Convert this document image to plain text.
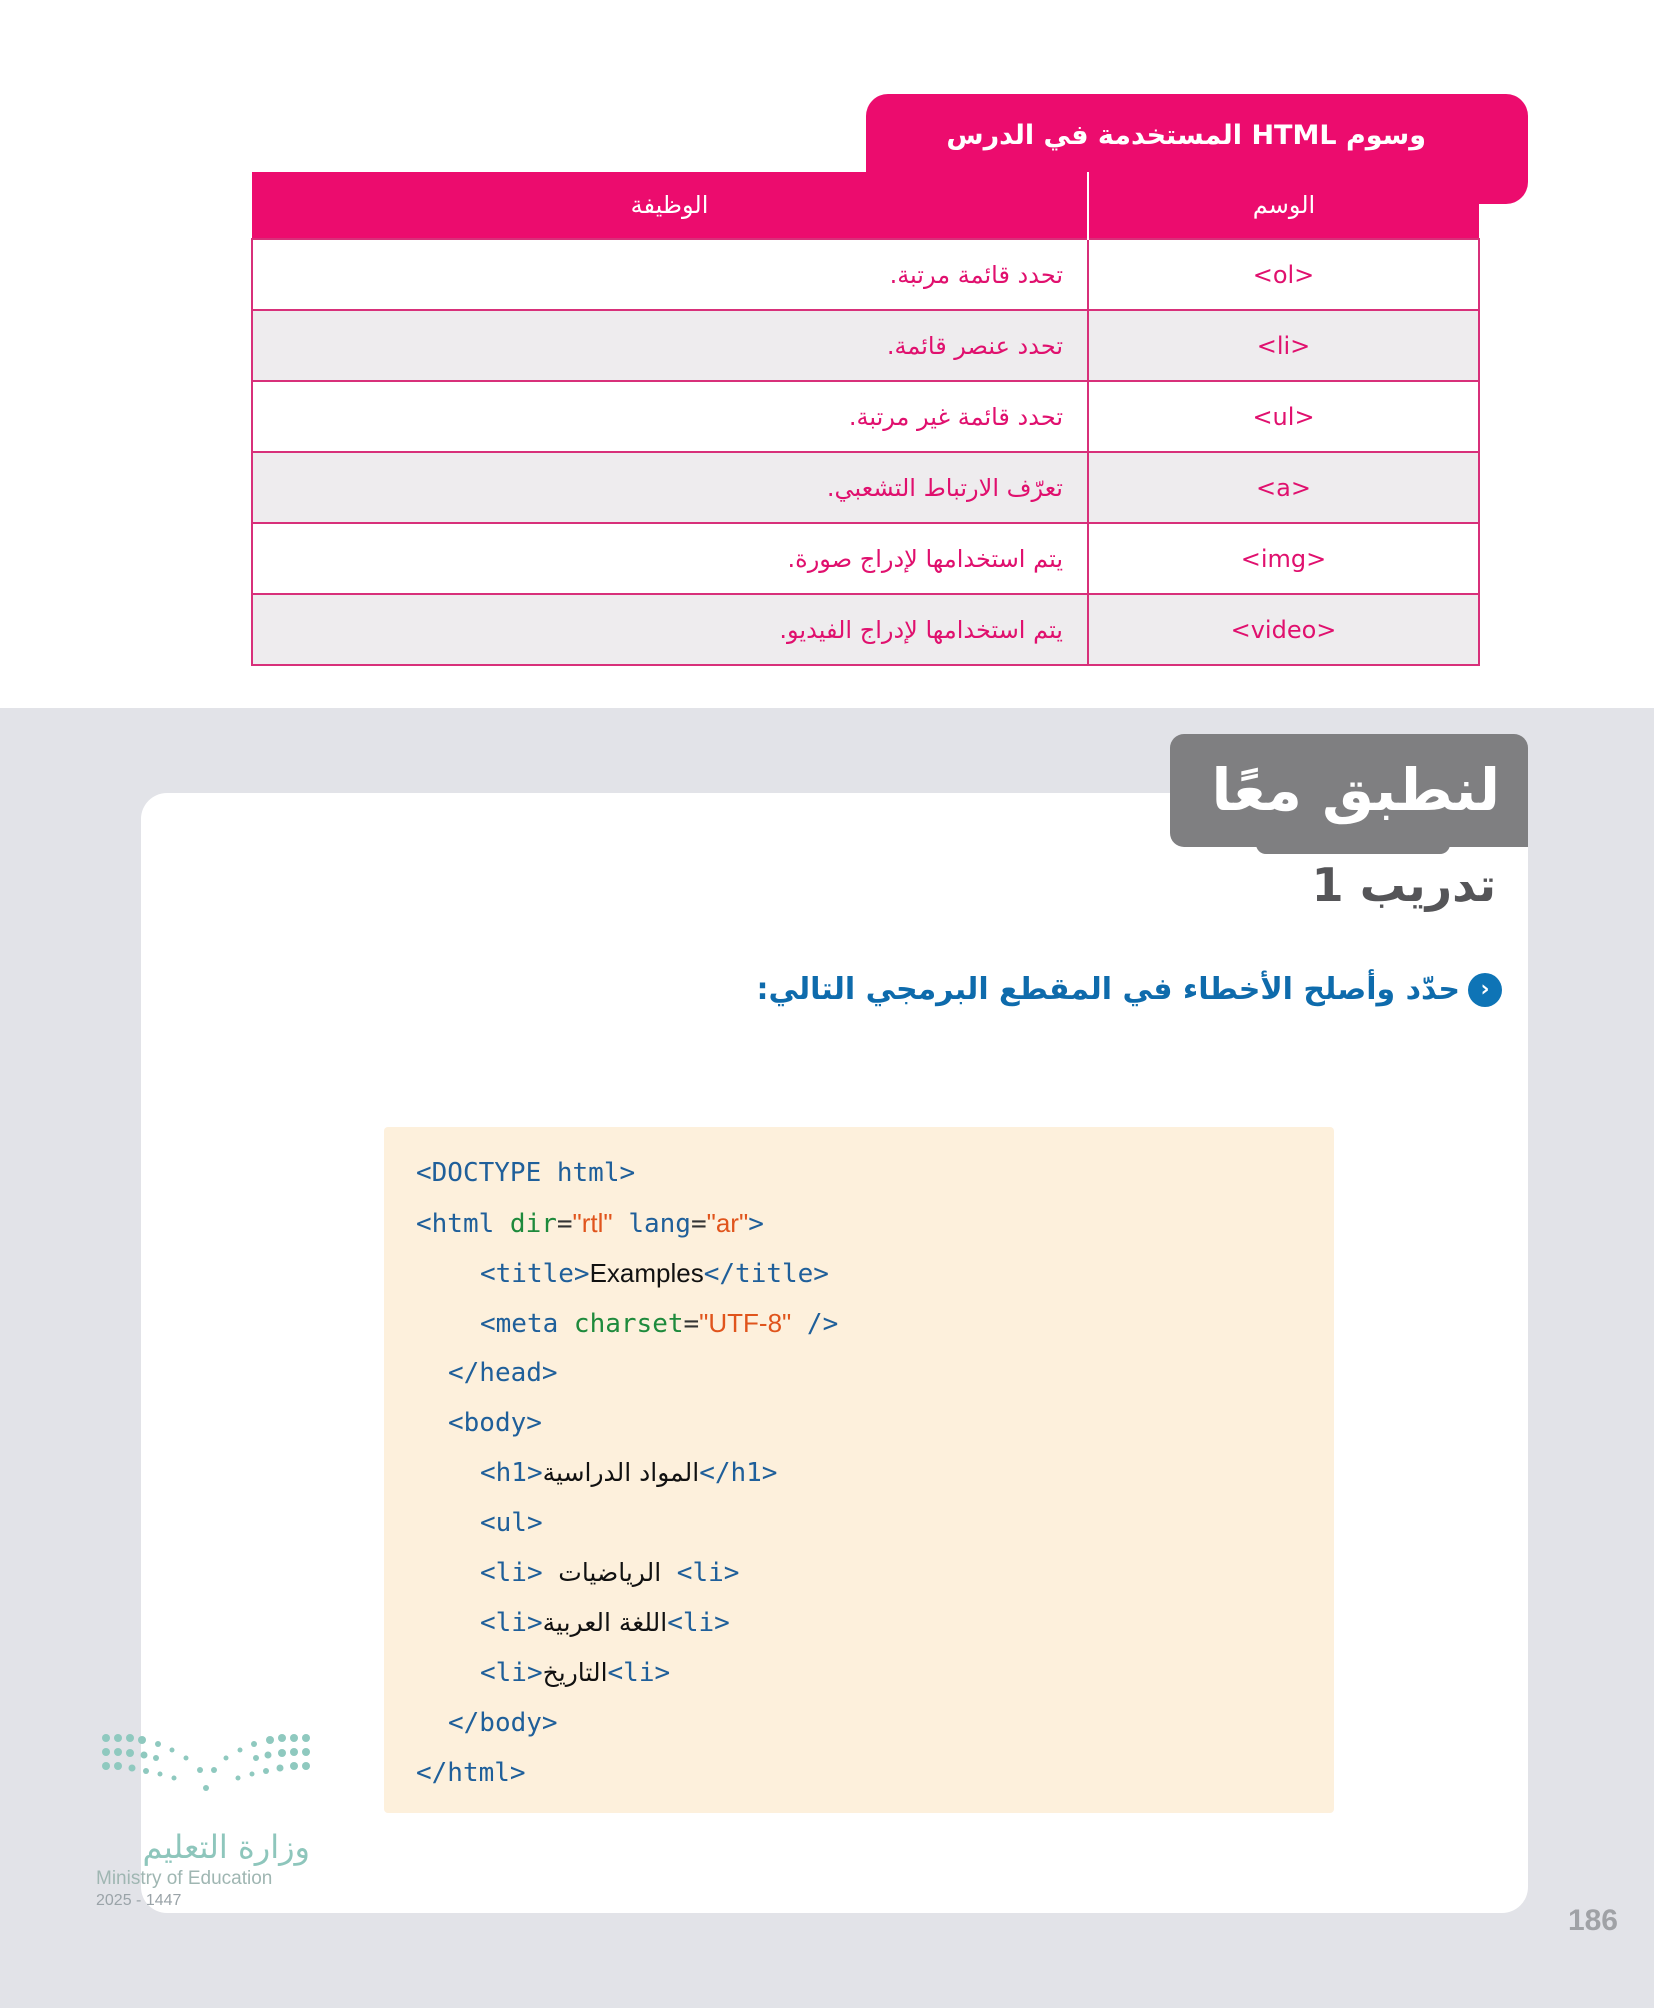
وسوم HTML المستخدمة في الدرس
الوسم	الوظيفة
<ol>	تحدد قائمة مرتبة.
<li>	تحدد عنصر قائمة.
<ul>	تحدد قائمة غير مرتبة.
<a>	تعرّف الارتباط التشعبي.
<img>	يتم استخدامها لإدراج صورة.
<video>	يتم استخدامها لإدراج الفيديو.
لنطبق معًا
تدريب 1
‹حدّد وأصلح الأخطاء في المقطع البرمجي التالي:
<DOCTYPE html>
<html dir="rtl" lang="ar">
<title>Examples</title>
<meta charset="UTF-8" />
</head>
<body>
<h1>المواد الدراسية</h1>
<ul>
<li> الرياضيات <li>
<li>اللغة العربية<li>
<li>التاريخ<li>
</body>
</html>
وزارة التعليم
Ministry of Education
2025 - 1447
186
